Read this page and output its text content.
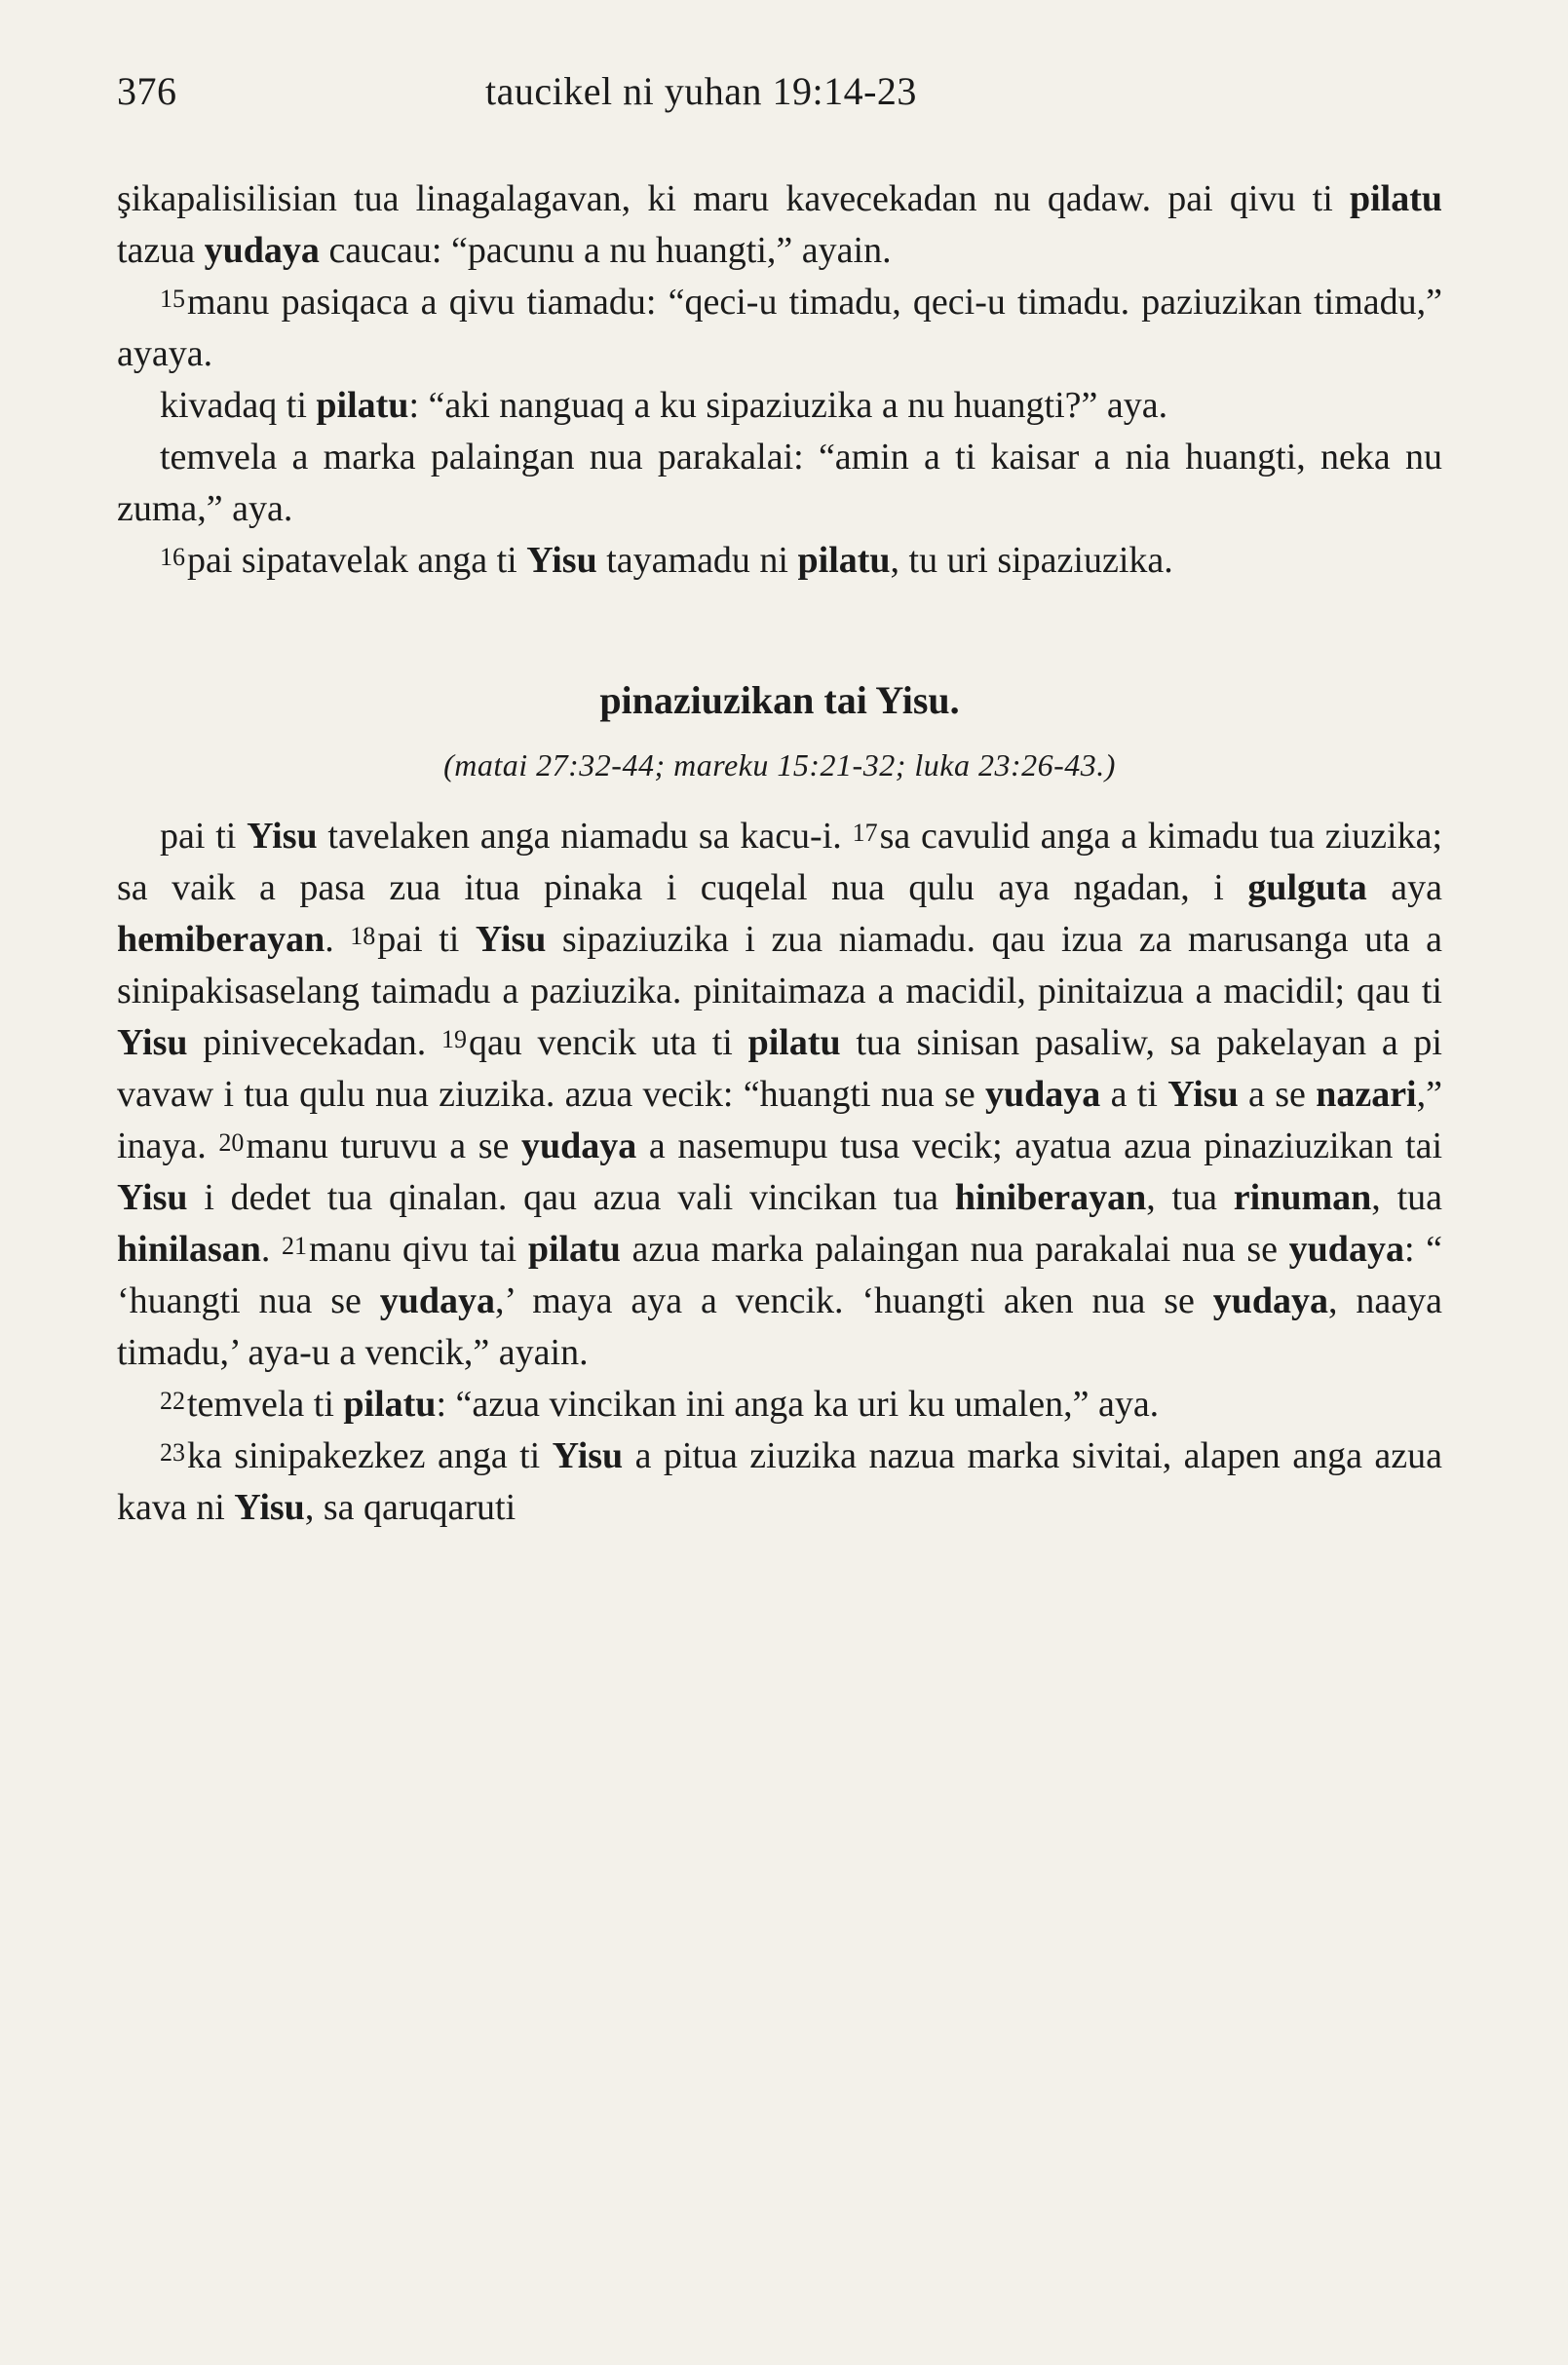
376	taucikel ni yuhan 19:14-23

şikapalisilisian tua linagalagavan, ki maru kavecekadan nu qadaw. pai qivu ti pilatu tazua yudaya caucau: “pacunu a nu huangti,” ayain.

$^{15}$manu pasiqaca a qivu tiamadu: “qeci-u timadu, qeci-u timadu. paziuzikan timadu,” ayaya.

kivadaq ti pilatu: “aki nanguaq a ku sipaziuzika a nu huangti?” aya.

temvela a marka palaingan nua parakalai: “amin a ti kaisar a nia huangti, neka nu zuma,” aya.

$^{16}$pai sipatavelak anga ti Yisu tayamadu ni pilatu, tu uri sipaziuzika.

pinaziuzikan tai Yisu.
(matai 27:32-44; mareku 15:21-32; luka 23:26-43.)

pai ti Yisu tavelaken anga niamadu sa kacu-i. $^{17}$sa cavulid anga a kimadu tua ziuzika; sa vaik a pasa zua itua pinaka i cuqelal nua qulu aya ngadan, i gulguta aya hemiberayan. $^{18}$pai ti Yisu sipaziuzika i zua niamadu. qau izua za marusanga uta a sinipakisaselang taimadu a paziuzika. pinitaimaza a macidil, pinitaizua a macidil; qau ti Yisu pinivecekadan. $^{19}$qau vencik uta ti pilatu tua sinisan pasaliw, sa pakelayan a pi vavaw i tua qulu nua ziuzika. azua vecik: “huangti nua se yudaya a ti Yisu a se nazari,” inaya. $^{20}$manu turuvu a se yudaya a nasemupu tusa vecik; ayatua azua pinaziuzikan tai Yisu i dedet tua qinalan. qau azua vali vincikan tua hiniberayan, tua rinuman, tua hinilasan. $^{21}$manu qivu tai pilatu azua marka palaingan nua parakalai nua se yudaya: “ ‘huangti nua se yudaya,’ maya aya a vencik. ‘huangti aken nua se yudaya, naaya timadu,’ aya-u a vencik,” ayain.

$^{22}$temvela ti pilatu: “azua vincikan ini anga ka uri ku umalen,” aya.

$^{23}$ka sinipakezkez anga ti Yisu a pitua ziuzika nazua marka sivitai, alapen anga azua kava ni Yisu, sa qaruqaruti
